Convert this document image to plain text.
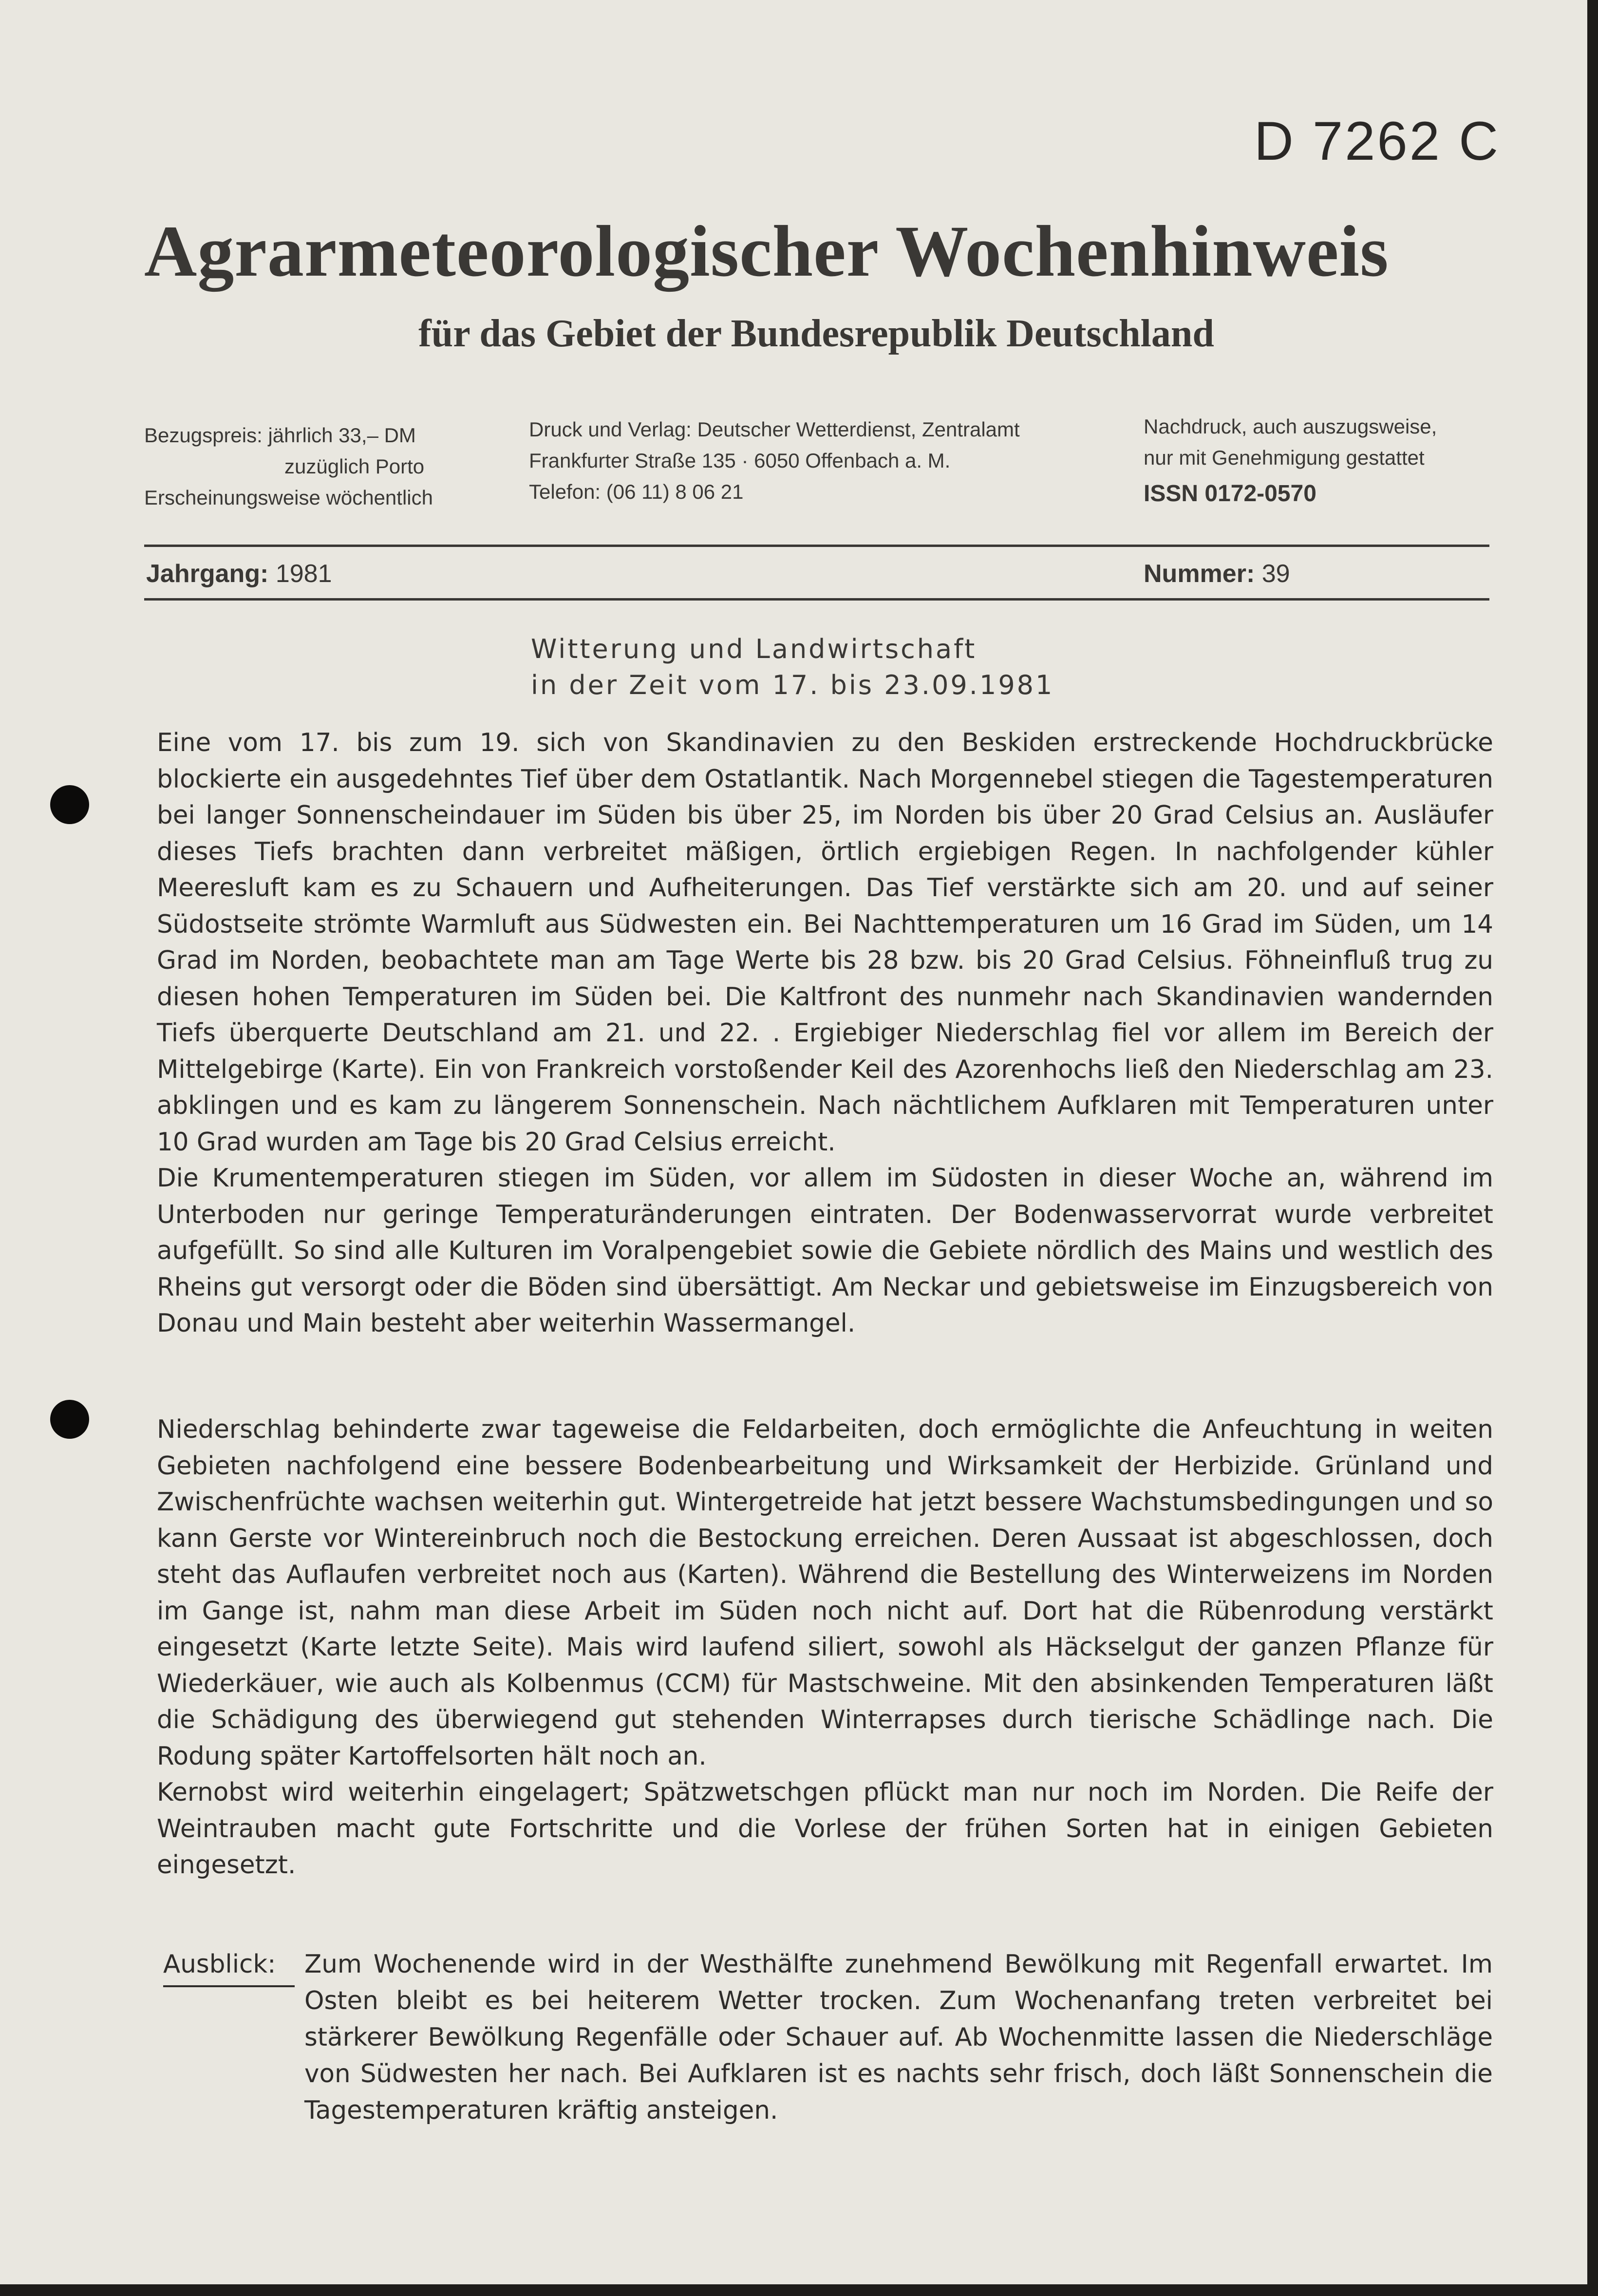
D 7262 C
Agrarmeteorologischer Wochenhinweis
für das Gebiet der Bundesrepublik Deutschland
Bezugspreis: jährlich 33,– DM
zuzüglich Porto
Erscheinungsweise wöchentlich
Druck und Verlag: Deutscher Wetterdienst, Zentralamt
Frankfurter Straße 135 · 6050 Offenbach a. M.
Telefon: (06 11) 8 06 21
Nachdruck, auch auszugsweise,
nur mit Genehmigung gestattet
ISSN 0172-0570
Jahrgang: 1981	Nummer: 39
Witterung und Landwirtschaft
in der Zeit vom 17. bis 23.09.1981

Eine vom 17. bis zum 19. sich von Skandinavien zu den Beskiden erstreckende Hochdruckbrücke blockierte ein ausgedehntes Tief über dem Ostatlantik. Nach Morgennebel stiegen die Tagestemperaturen bei langer Sonnenscheindauer im Süden bis über 25, im Norden bis über 20 Grad Celsius an. Ausläufer dieses Tiefs brachten dann verbreitet mäßigen, örtlich ergiebigen Regen. In nachfolgender kühler Meeresluft kam es zu Schauern und Aufheiterungen. Das Tief verstärkte sich am 20. und auf seiner Südostseite strömte Warmluft aus Südwesten ein. Bei Nachttemperaturen um 16 Grad im Süden, um 14 Grad im Norden, beobachtete man am Tage Werte bis 28 bzw. bis 20 Grad Celsius. Föhneinfluß trug zu diesen hohen Temperaturen im Süden bei. Die Kaltfront des nunmehr nach Skandinavien wandernden Tiefs überquerte Deutschland am 21. und 22. . Ergiebiger Niederschlag fiel vor allem im Bereich der Mittelgebirge (Karte). Ein von Frankreich vorstoßender Keil des Azorenhochs ließ den Niederschlag am 23. abklingen und es kam zu längerem Sonnenschein. Nach nächtlichem Aufklaren mit Temperaturen unter 10 Grad wurden am Tage bis 20 Grad Celsius erreicht.

Die Krumentemperaturen stiegen im Süden, vor allem im Südosten in dieser Woche an, während im Unterboden nur geringe Temperaturänderungen eintraten. Der Bodenwasservorrat wurde verbreitet aufgefüllt. So sind alle Kulturen im Voralpengebiet sowie die Gebiete nördlich des Mains und westlich des Rheins gut versorgt oder die Böden sind übersättigt. Am Neckar und gebietsweise im Einzugsbereich von Donau und Main besteht aber weiterhin Wassermangel.

Niederschlag behinderte zwar tageweise die Feldarbeiten, doch ermöglichte die Anfeuchtung in weiten Gebieten nachfolgend eine bessere Bodenbearbeitung und Wirksamkeit der Herbizide. Grünland und Zwischenfrüchte wachsen weiterhin gut. Wintergetreide hat jetzt bessere Wachstumsbedingungen und so kann Gerste vor Wintereinbruch noch die Bestockung erreichen. Deren Aussaat ist abgeschlossen, doch steht das Auflaufen verbreitet noch aus (Karten). Während die Bestellung des Winterweizens im Norden im Gange ist, nahm man diese Arbeit im Süden noch nicht auf. Dort hat die Rübenrodung verstärkt eingesetzt (Karte letzte Seite). Mais wird laufend siliert, sowohl als Häckselgut der ganzen Pflanze für Wiederkäuer, wie auch als Kolbenmus (CCM) für Mastschweine. Mit den absinkenden Temperaturen läßt die Schädigung des überwiegend gut stehenden Winterrapses durch tierische Schädlinge nach. Die Rodung später Kartoffelsorten hält noch an.

Kernobst wird weiterhin eingelagert; Spätzwetschgen pflückt man nur noch im Norden. Die Reife der Weintrauben macht gute Fortschritte und die Vorlese der frühen Sorten hat in einigen Gebieten eingesetzt.

Ausblick: Zum Wochenende wird in der Westhälfte zunehmend Bewölkung mit Regenfall erwartet. Im Osten bleibt es bei heiterem Wetter trocken. Zum Wochenanfang treten verbreitet bei stärkerer Bewölkung Regenfälle oder Schauer auf. Ab Wochenmitte lassen die Niederschläge von Südwesten her nach. Bei Aufklaren ist es nachts sehr frisch, doch läßt Sonnenschein die Tagestemperaturen kräftig ansteigen.
